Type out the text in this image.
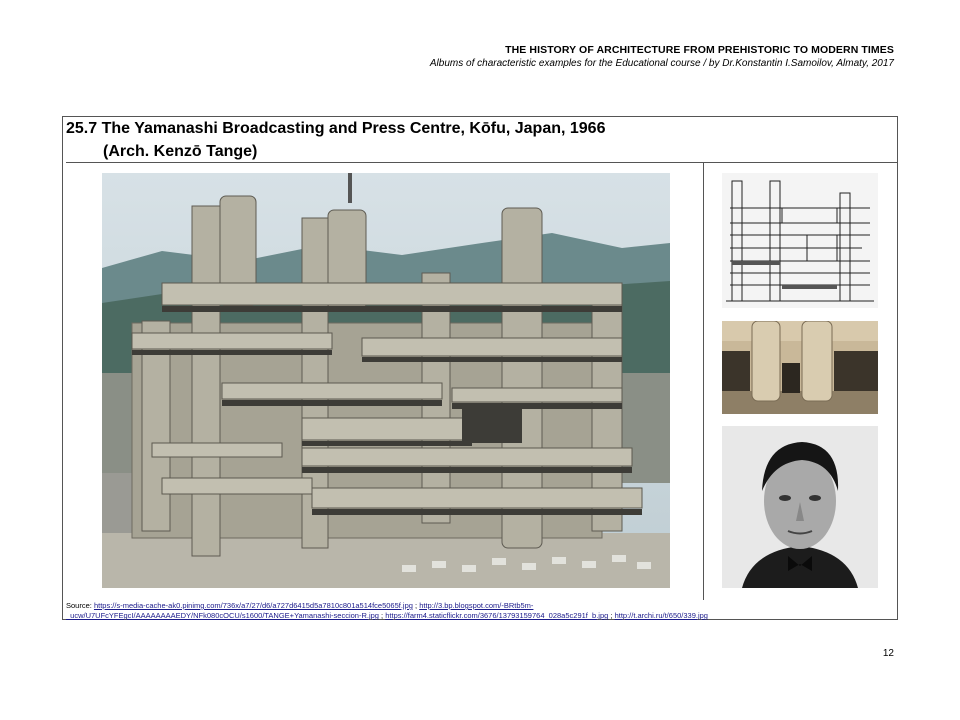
THE HISTORY OF ARCHITECTURE FROM PREHISTORIC TO MODERN TIMES
Albums of characteristic examples for the Educational course / by Dr.Konstantin I.Samoilov, Almaty, 2017
25.7 The Yamanashi Broadcasting and Press Centre, Kōfu, Japan, 1966
(Arch. Kenzō Tange)
Source: https://s-media-cache-ak0.pinimg.com/736x/a7/27/d6/a727d6415d5a7810c801a514fce5065f.jpg ; http://3.bp.blogspot.com/-BRtb5m-
_ucw/U7UFcYFEgcI/AAAAAAAAEDY/NFk080cOCU/s1600/TANGE+Yamanashi-seccion-R.jpg ; https://farm4.staticflickr.com/3676/13793159764_028a5c291f_b.jpg ; http://t.archi.ru/t/650/339.jpg
12
